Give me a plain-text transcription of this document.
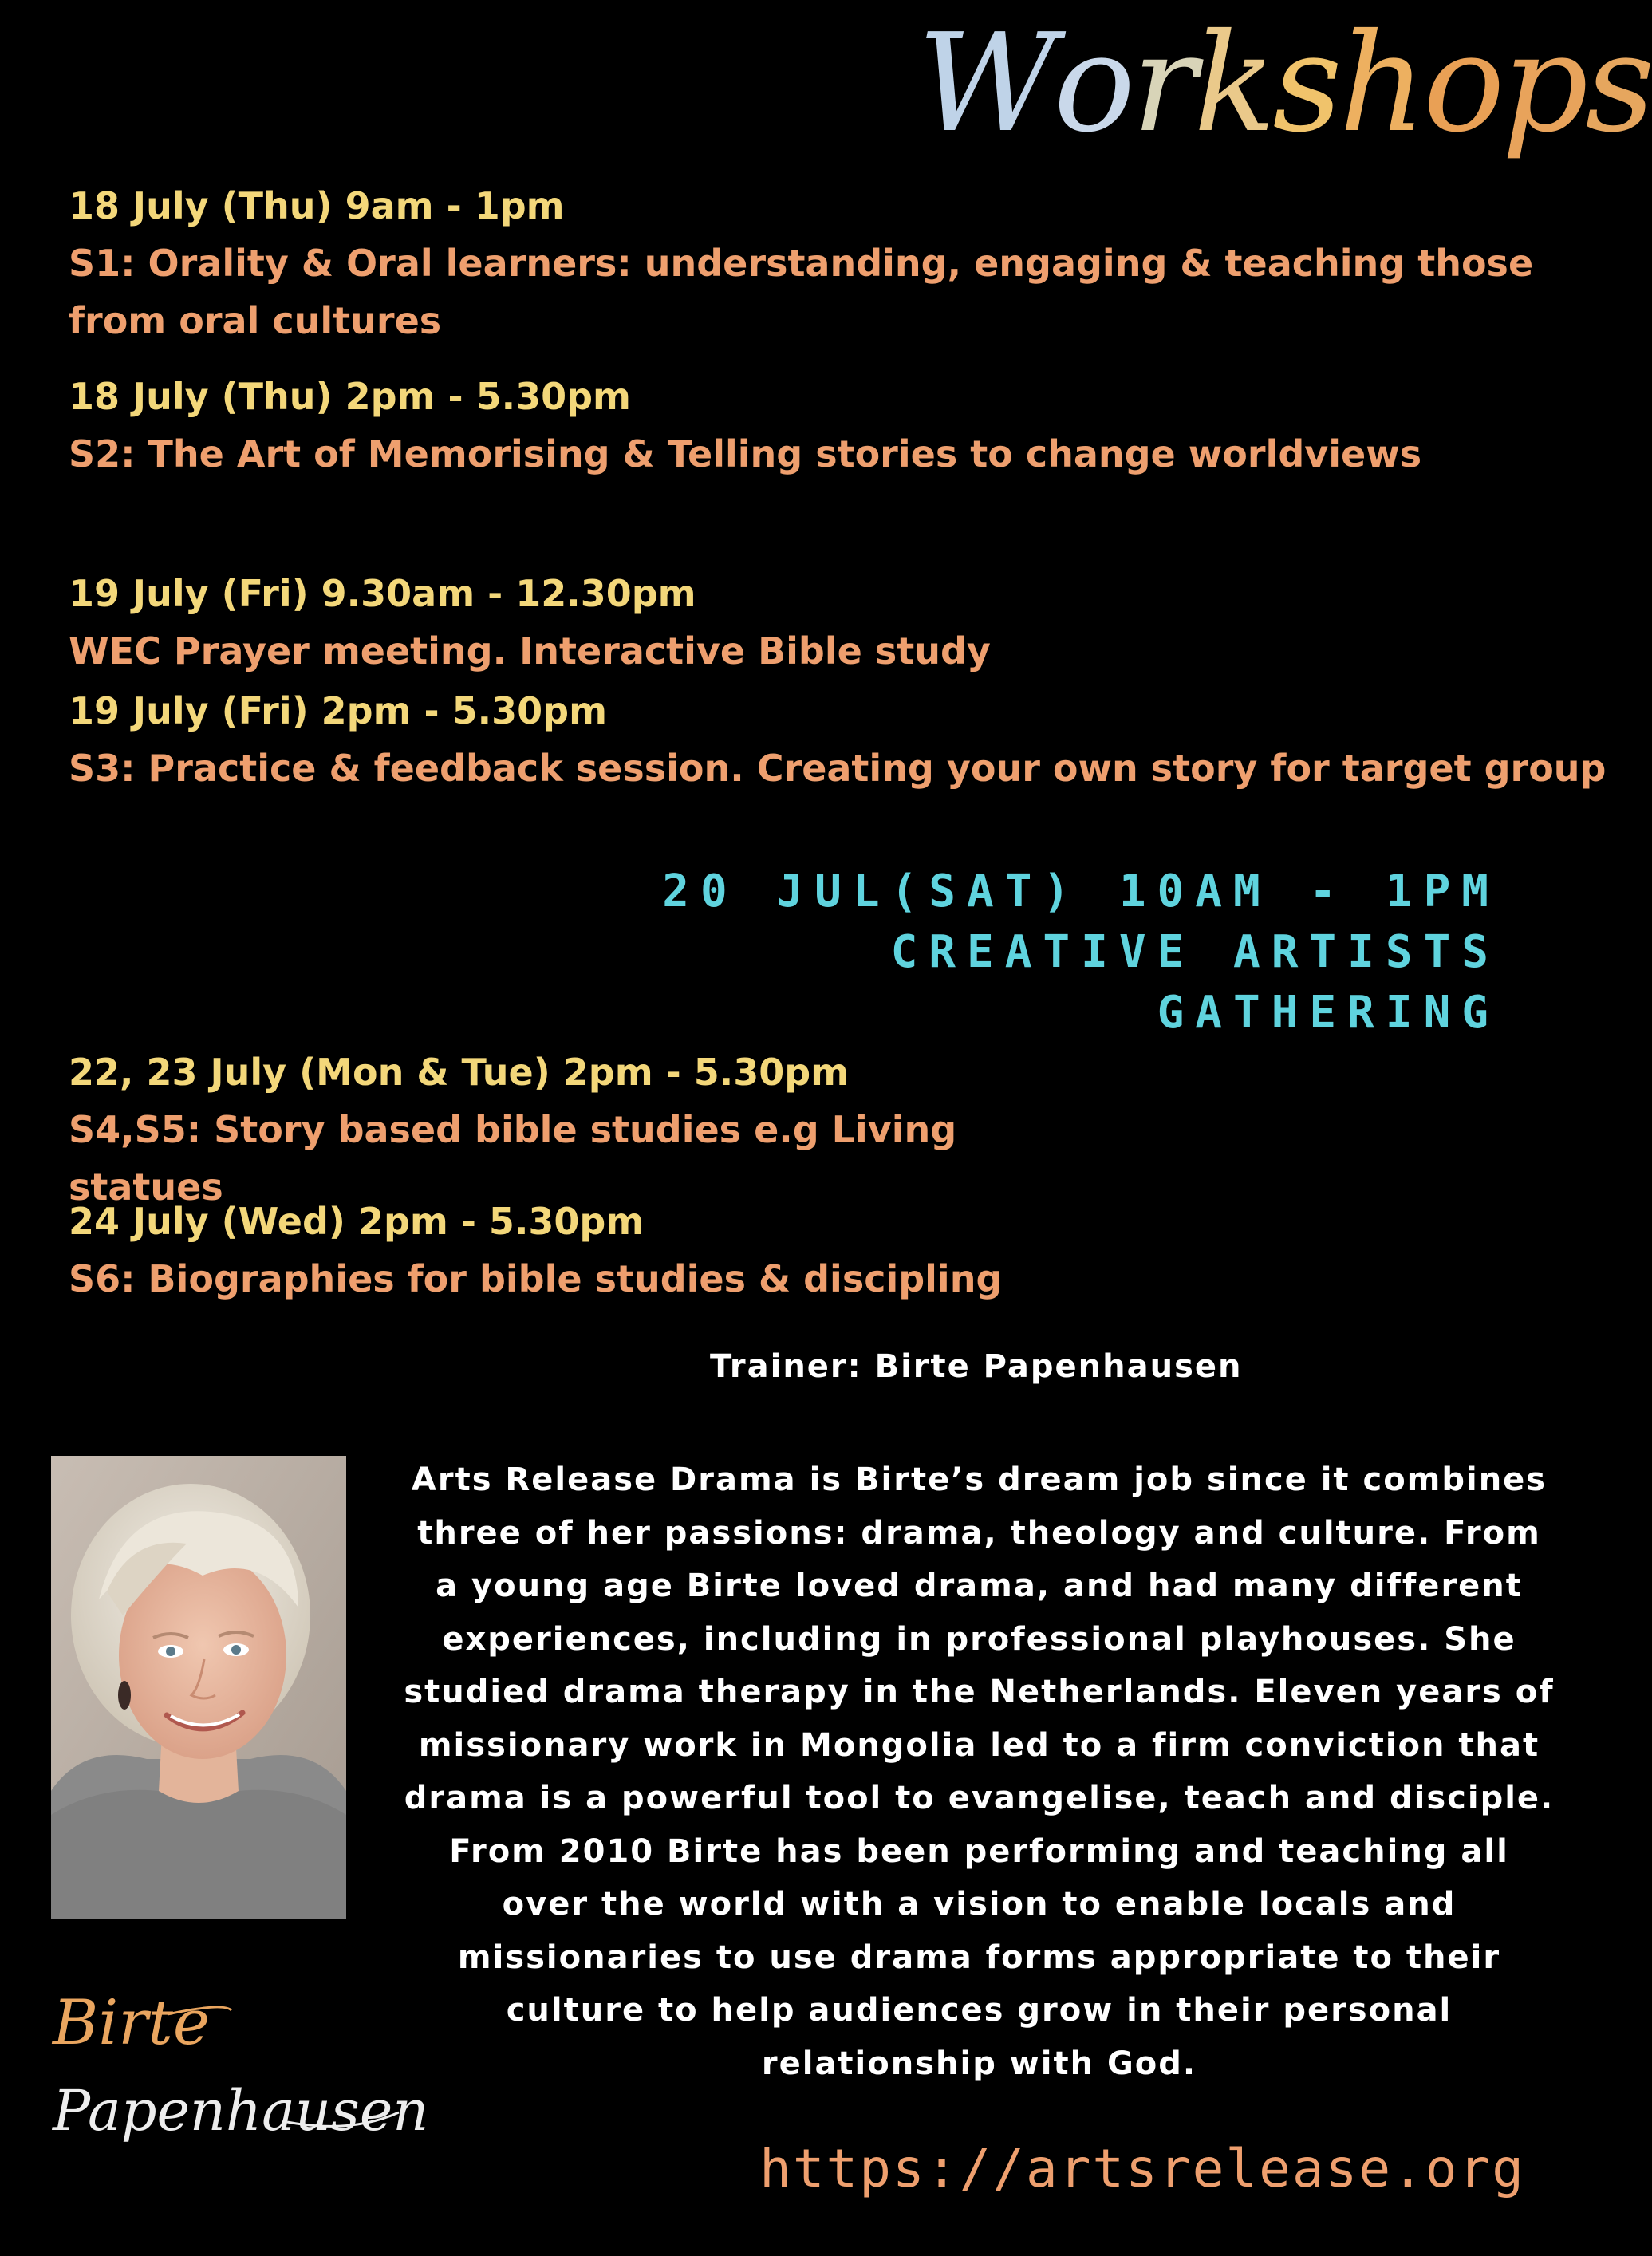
Workshops
18 July (Thu) 9am - 1pm
S1: Orality & Oral learners: understanding, engaging & teaching those from oral cultures
18 July (Thu) 2pm - 5.30pm
S2: The Art of Memorising & Telling stories to change worldviews
19 July (Fri) 9.30am - 12.30pm
WEC Prayer meeting. Interactive Bible study
19 July (Fri) 2pm - 5.30pm
S3: Practice & feedback session. Creating your own story for target group
20 JUL(SAT) 10AM - 1PM
CREATIVE ARTISTS
GATHERING
22, 23 July (Mon & Tue) 2pm - 5.30pm
S4,S5: Story based bible studies e.g Living statues
24 July (Wed) 2pm - 5.30pm
S6: Biographies for bible studies & discipling
Trainer: Birte Papenhausen
Birte
Papenhausen
Arts Release Drama is Birte’s dream job since it combines three of her passions: drama, theology and culture. From a young age Birte loved drama, and had many different experiences, including in professional playhouses. She studied drama therapy in the Netherlands. Eleven years of missionary work in Mongolia led to a firm conviction that drama is a powerful tool to evangelise, teach and disciple. From 2010 Birte has been performing and teaching all over the world with a vision to enable locals and missionaries to use drama forms appropriate to their culture to help audiences grow in their personal relationship with God.
https://artsrelease.org
